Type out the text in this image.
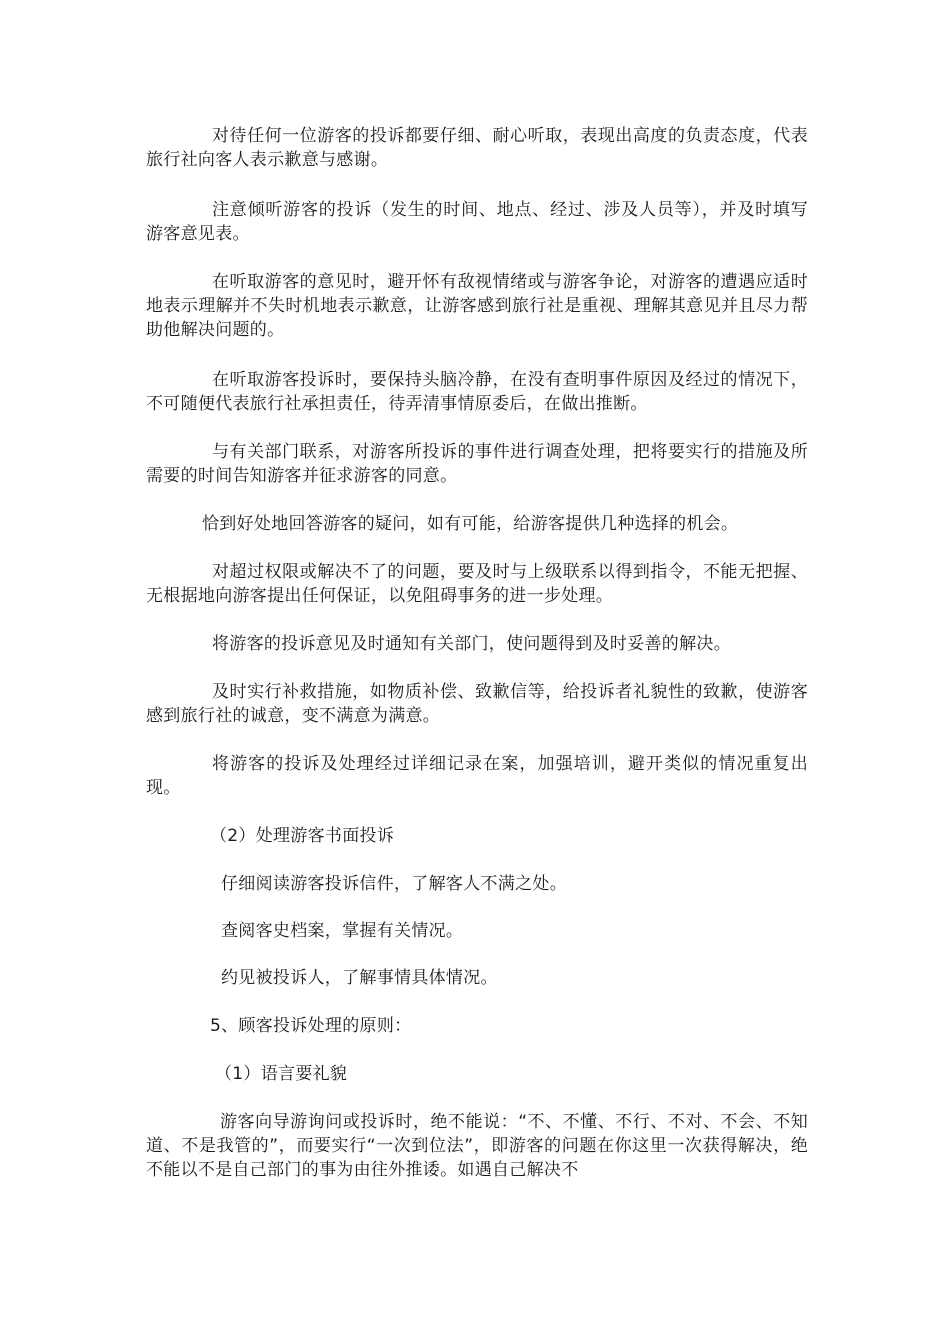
对待任何一位游客的投诉都要仔细、耐心听取，表现出高度的负责态度，代表旅行社向客人表示歉意与感谢。

注意倾听游客的投诉（发生的时间、地点、经过、涉及人员等），并及时填写游客意见表。

在听取游客的意见时，避开怀有敌视情绪或与游客争论，对游客的遭遇应适时地表示理解并不失时机地表示歉意，让游客感到旅行社是重视、理解其意见并且尽力帮助他解决问题的。

在听取游客投诉时，要保持头脑冷静，在没有查明事件原因及经过的情况下，不可随便代表旅行社承担责任，待弄清事情原委后，在做出推断。

与有关部门联系，对游客所投诉的事件进行调查处理，把将要实行的措施及所需要的时间告知游客并征求游客的同意。

恰到好处地回答游客的疑问，如有可能，给游客提供几种选择的机会。

对超过权限或解决不了的问题，要及时与上级联系以得到指令，不能无把握、无根据地向游客提出任何保证，以免阻碍事务的进一步处理。

将游客的投诉意见及时通知有关部门，使问题得到及时妥善的解决。

及时实行补救措施，如物质补偿、致歉信等，给投诉者礼貌性的致歉，使游客感到旅行社的诚意，变不满意为满意。

将游客的投诉及处理经过详细记录在案，加强培训，避开类似的情况重复出现。

（2）处理游客书面投诉

仔细阅读游客投诉信件，了解客人不满之处。

查阅客史档案，掌握有关情况。

约见被投诉人，了解事情具体情况。

5、顾客投诉处理的原则：

（1）语言要礼貌

游客向导游询问或投诉时，绝不能说：“不、不懂、不行、不对、不会、不知道、不是我管的”，而要实行“一次到位法”，即游客的问题在你这里一次获得解决，绝不能以不是自己部门的事为由往外推诿。如遇自己解决不
